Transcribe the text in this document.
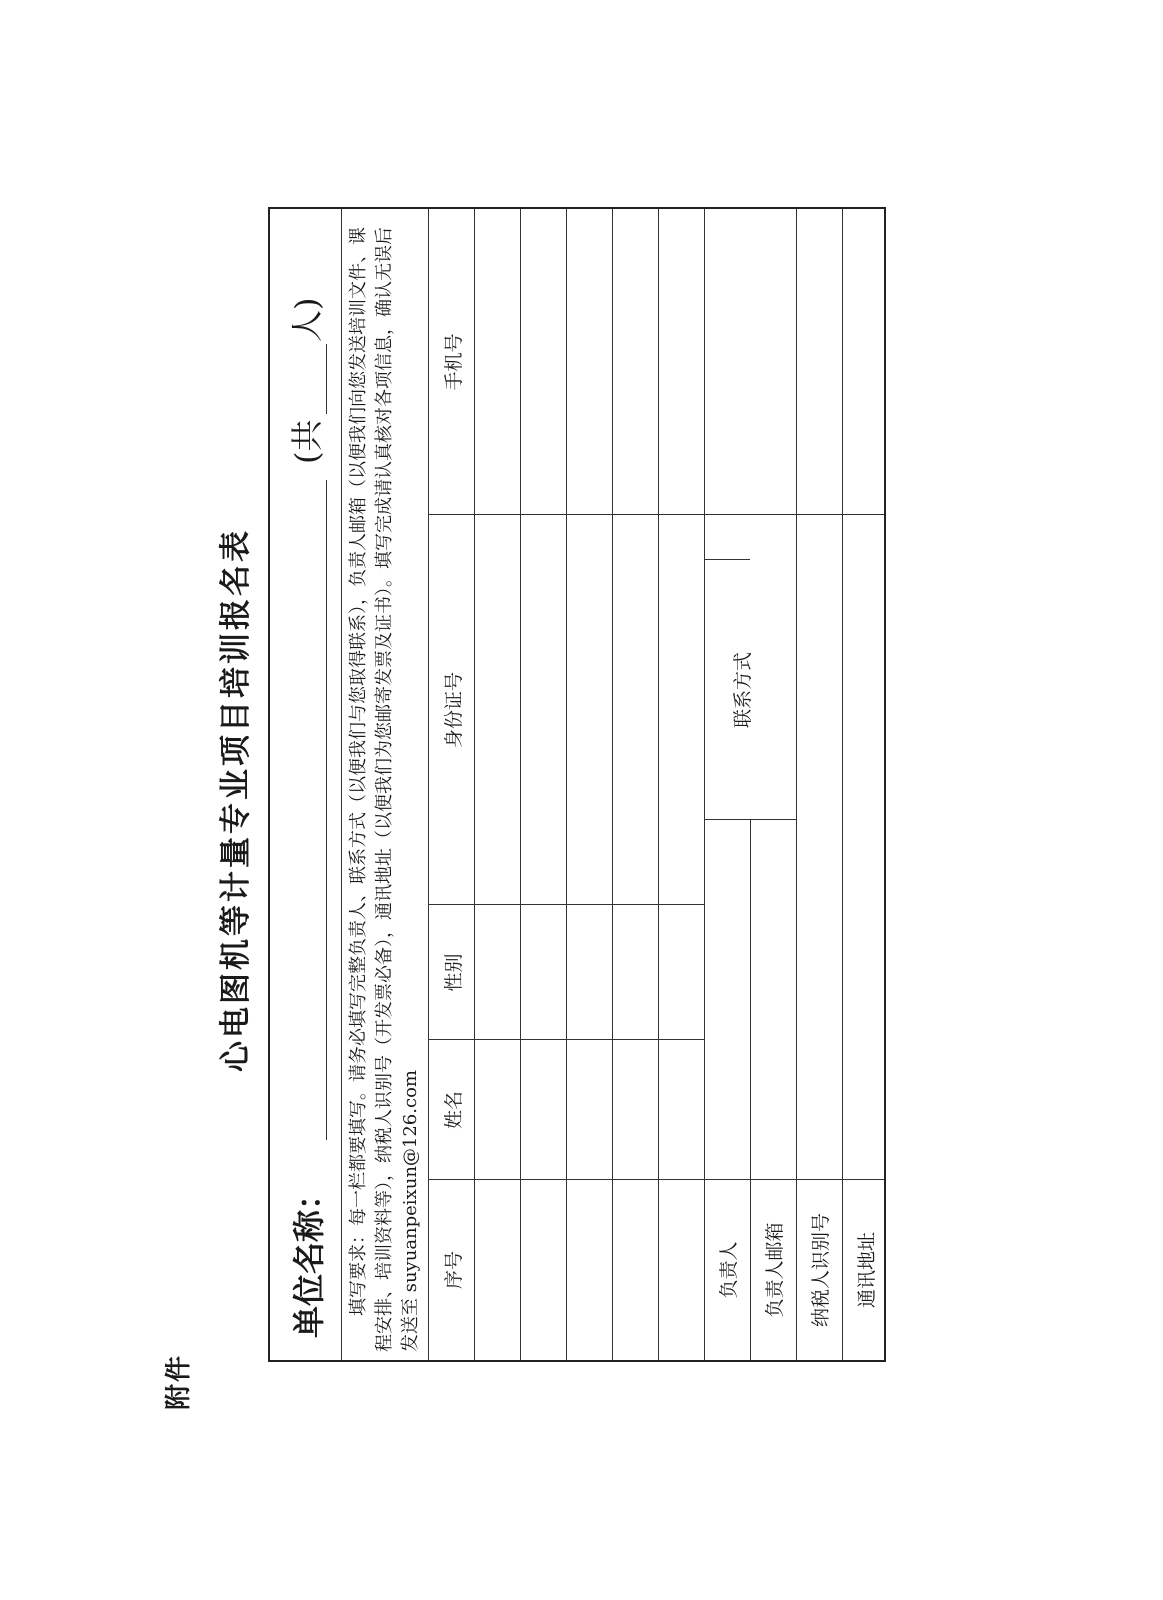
附件
心电图机等计量专业项目培训报名表
单位名称：
(共
人) 填写要求：每一栏都要填写。请务必填写完整负责人、联系方式（以便我们与您取得联系），负责人邮箱（以便我们向您发送培训文件、课程安排、培训资料等），纳税人识别号（开发票必备），通讯地址（以便我们为您邮寄发票及证书）。填写完成请认真核对各项信息，确认无误后发送至 suyuanpeixun@126.com 序号
姓名
性别
身份证号
手机号
负责人 负责人邮箱 纳税人识别号 通讯地址
联系方式
